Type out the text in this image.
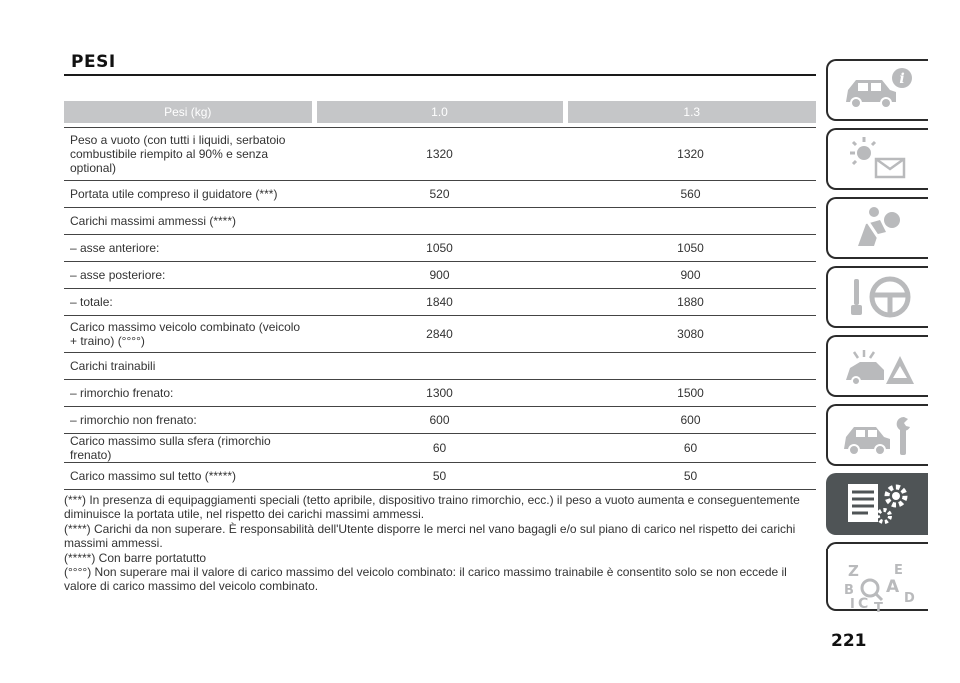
PESI
Pesi (kg)	1.0	1.3

Peso a vuoto (con tutti i liquidi, serbatoio combustibile riempito al 90% e senza optional)	1320	1320
Portata utile compreso il guidatore (***)	520	560
Carichi massimi ammessi (****)		
– asse anteriore:	1050	1050
– asse posteriore:	900	900
– totale:	1840	1880
Carico massimo veicolo combinato (veicolo + traino) (°°°°)	2840	3080
Carichi trainabili		
– rimorchio frenato:	1300	1500
– rimorchio non frenato:	600	600
Carico massimo sulla sfera (rimorchio frenato)	60	60
Carico massimo sul tetto (*****)	50	50

(***) In presenza di equipaggiamenti speciali (tetto apribile, dispositivo traino rimorchio, ecc.) il peso a vuoto aumenta e conseguentemente diminuisce la portata utile, nel rispetto dei carichi massimi ammessi.

(****) Carichi da non superare. È responsabilità dell'Utente disporre le merci nel vano bagagli e/o sul piano di carico nel rispetto dei carichi massimi ammessi.

(*****) Con barre portatutto

(°°°°) Non superare mai il valore di carico massimo del veicolo combinato: il carico massimo trainabile è consentito solo se non eccede il valore di carico massimo del veicolo combinato.

i
Z	E
B A
C	D
I T
221
